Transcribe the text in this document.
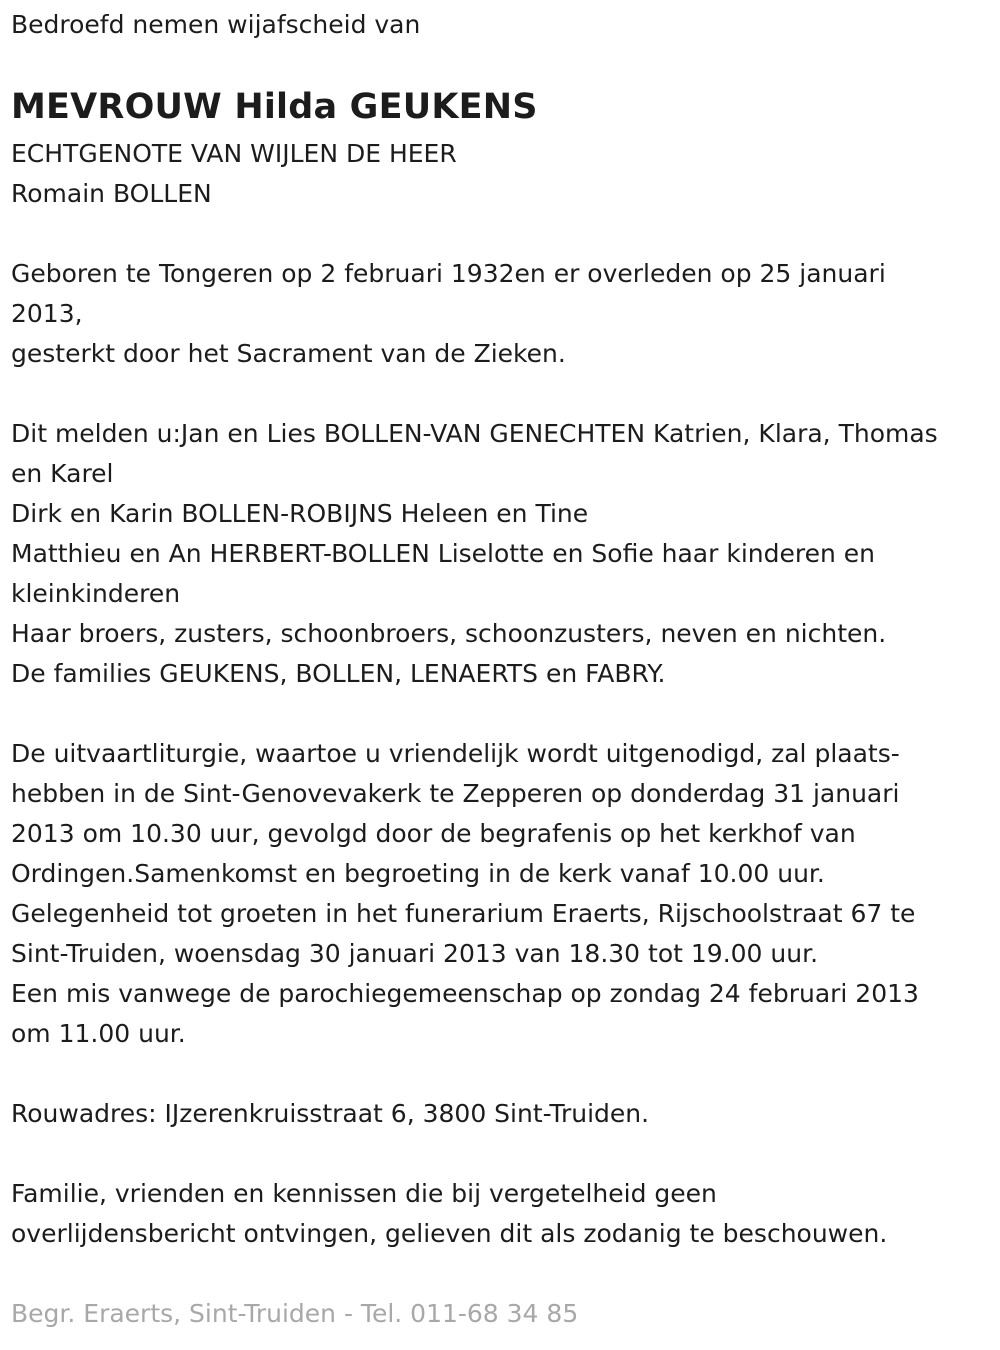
Bedroefd nemen wijafscheid van
MEVROUW Hilda GEUKENS
ECHTGENOTE VAN WIJLEN DE HEER
Romain BOLLEN
Geboren te Tongeren op 2 februari 1932en er overleden op 25 januari
2013,
gesterkt door het Sacrament van de Zieken.
Dit melden u:Jan en Lies BOLLEN-VAN GENECHTEN Katrien, Klara, Thomas
en Karel
Dirk en Karin BOLLEN-ROBIJNS Heleen en Tine
Matthieu en An HERBERT-BOLLEN Liselotte en Sofie haar kinderen en
kleinkinderen
Haar broers, zusters, schoonbroers, schoonzusters, neven en nichten.
De families GEUKENS, BOLLEN, LENAERTS en FABRY.
De uitvaartliturgie, waartoe u vriendelijk wordt uitgenodigd, zal plaats-
hebben in de Sint-Genovevakerk te Zepperen op donderdag 31 januari
2013 om 10.30 uur, gevolgd door de begrafenis op het kerkhof van
Ordingen.Samenkomst en begroeting in de kerk vanaf 10.00 uur.
Gelegenheid tot groeten in het funerarium Eraerts, Rijschoolstraat 67 te
Sint-Truiden, woensdag 30 januari 2013 van 18.30 tot 19.00 uur.
Een mis vanwege de parochiegemeenschap op zondag 24 februari 2013
om 11.00 uur.
Rouwadres: IJzerenkruisstraat 6, 3800 Sint-Truiden.
Familie, vrienden en kennissen die bij vergetelheid geen
overlijdensbericht ontvingen, gelieven dit als zodanig te beschouwen.
Begr. Eraerts, Sint-Truiden - Tel. 011-68 34 85
